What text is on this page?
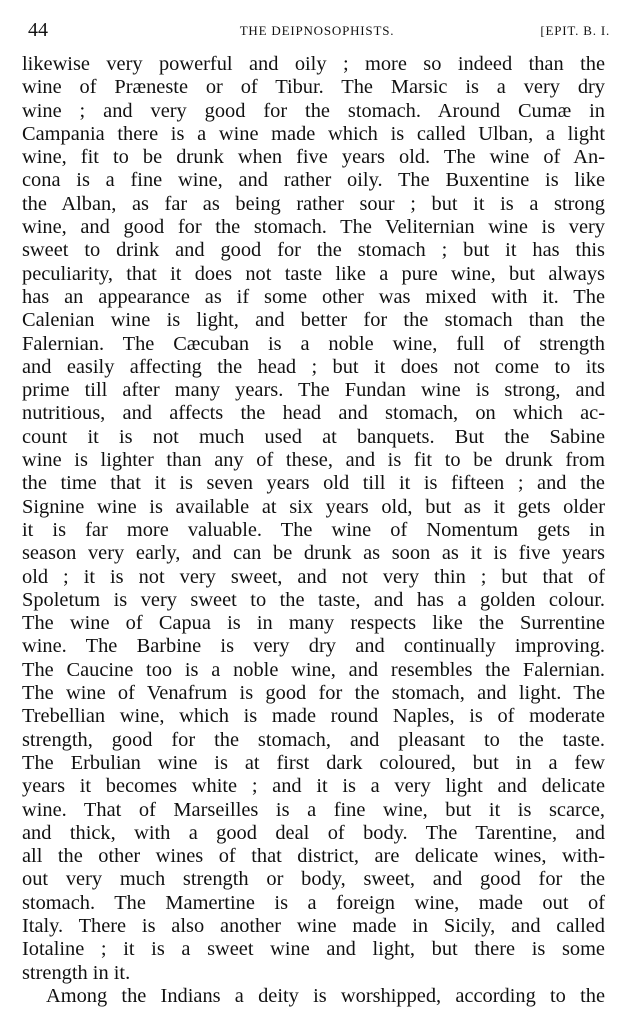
44	THE DEIPNOSOPHISTS.	[EPIT. B. I.
likewise very powerful and oily ; more so indeed than the
wine of Præneste or of Tibur. The Marsic is a very dry
wine ; and very good for the stomach. Around Cumæ in
Campania there is a wine made which is called Ulban, a light
wine, fit to be drunk when five years old. The wine of An-
cona is a fine wine, and rather oily. The Buxentine is like
the Alban, as far as being rather sour ; but it is a strong
wine, and good for the stomach. The Veliternian wine is very
sweet to drink and good for the stomach ; but it has this
peculiarity, that it does not taste like a pure wine, but always
has an appearance as if some other was mixed with it. The
Calenian wine is light, and better for the stomach than the
Falernian. The Cæcuban is a noble wine, full of strength
and easily affecting the head ; but it does not come to its
prime till after many years. The Fundan wine is strong, and
nutritious, and affects the head and stomach, on which ac-
count it is not much used at banquets. But the Sabine
wine is lighter than any of these, and is fit to be drunk from
the time that it is seven years old till it is fifteen ; and the
Signine wine is available at six years old, but as it gets older
it is far more valuable. The wine of Nomentum gets in
season very early, and can be drunk as soon as it is five years
old ; it is not very sweet, and not very thin ; but that of
Spoletum is very sweet to the taste, and has a golden colour.
The wine of Capua is in many respects like the Surrentine
wine. The Barbine is very dry and continually improving.
The Caucine too is a noble wine, and resembles the Falernian.
The wine of Venafrum is good for the stomach, and light. The
Trebellian wine, which is made round Naples, is of moderate
strength, good for the stomach, and pleasant to the taste.
The Erbulian wine is at first dark coloured, but in a few
years it becomes white ; and it is a very light and delicate
wine. That of Marseilles is a fine wine, but it is scarce,
and thick, with a good deal of body. The Tarentine, and
all the other wines of that district, are delicate wines, with-
out very much strength or body, sweet, and good for the
stomach. The Mamertine is a foreign wine, made out of
Italy. There is also another wine made in Sicily, and called
Iotaline ; it is a sweet wine and light, but there is some
strength in it.
Among the Indians a deity is worshipped, according to the
